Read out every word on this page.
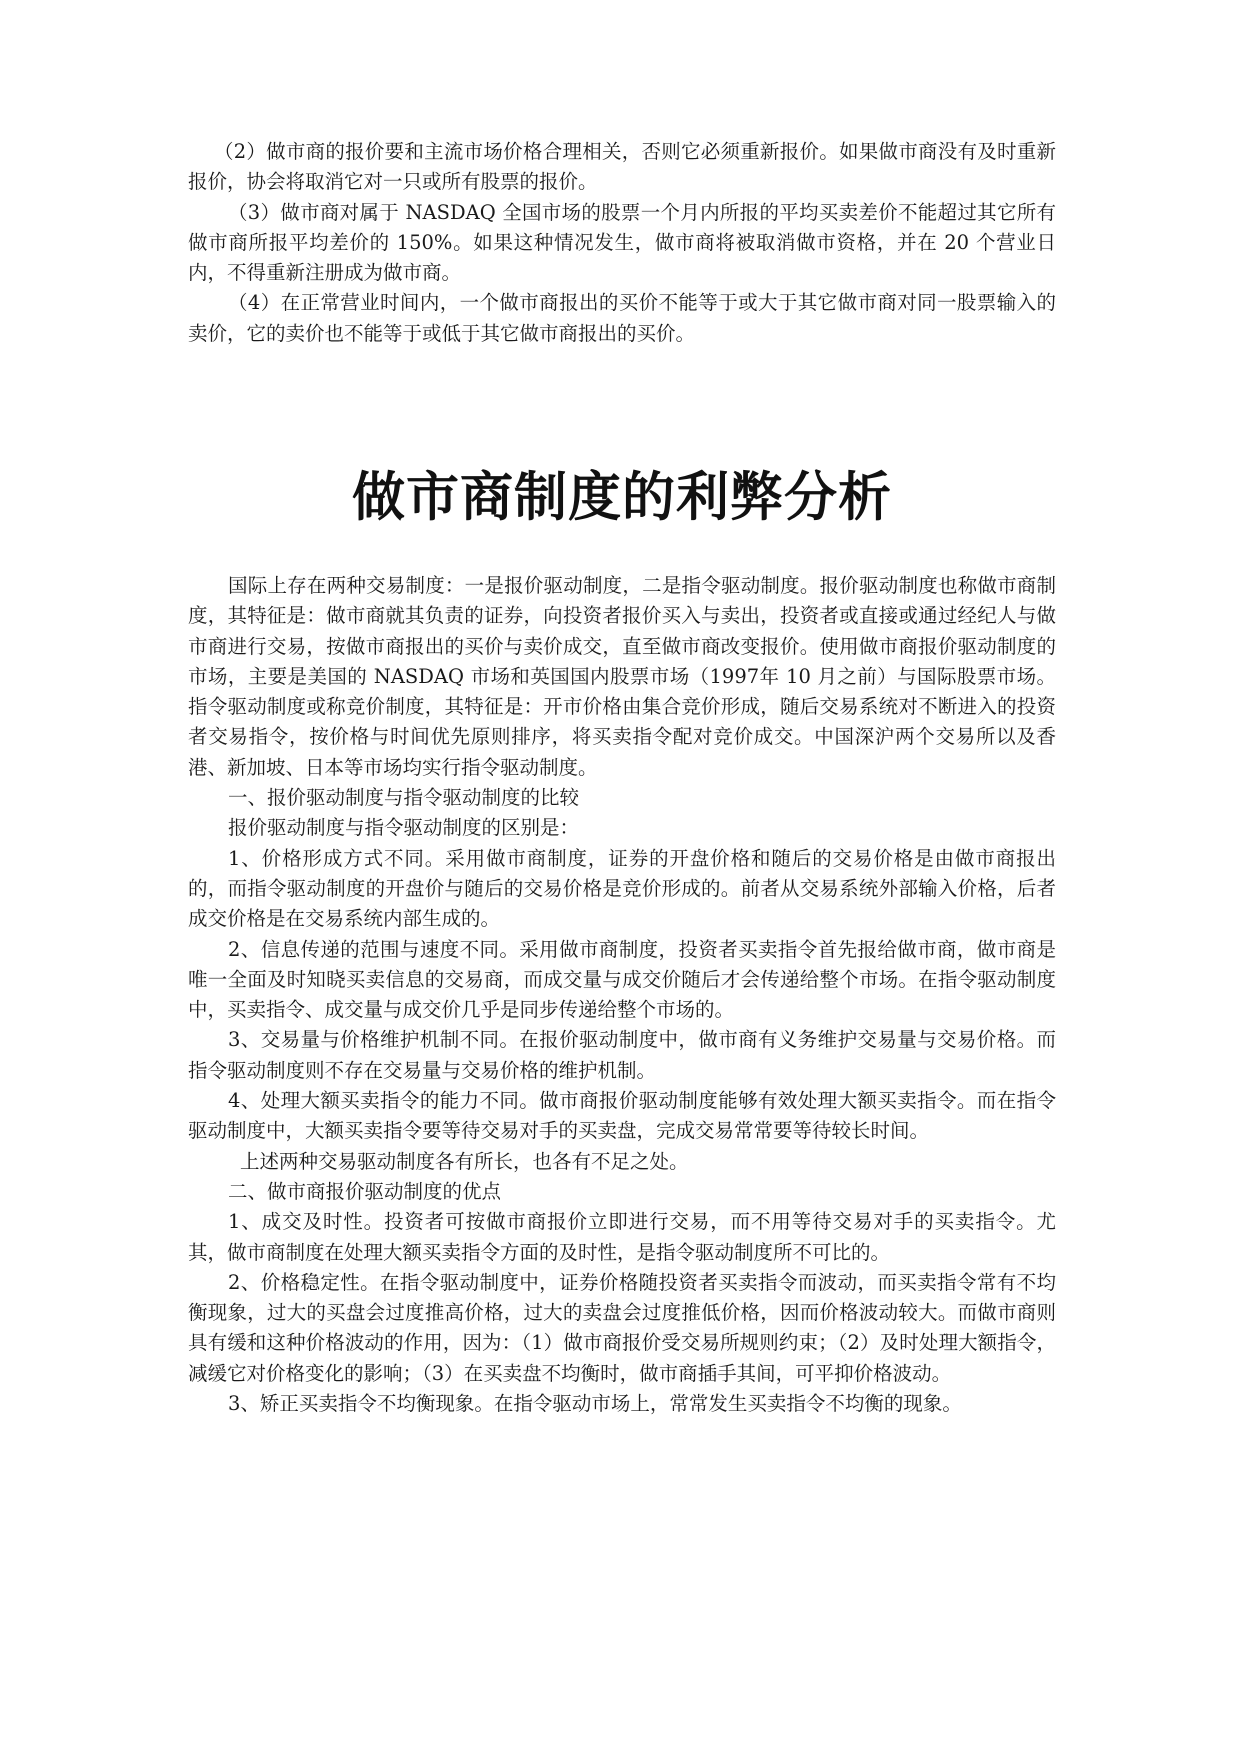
（2）做市商的报价要和主流市场价格合理相关，否则它必须重新报价。如果做市商没有及时重新报价，协会将取消它对一只或所有股票的报价。

（3）做市商对属于 NASDAQ 全国市场的股票一个月内所报的平均买卖差价不能超过其它所有做市商所报平均差价的 150%。如果这种情况发生，做市商将被取消做市资格，并在 20 个营业日内，不得重新注册成为做市商。

（4）在正常营业时间内，一个做市商报出的买价不能等于或大于其它做市商对同一股票输入的卖价，它的卖价也不能等于或低于其它做市商报出的买价。

做市商制度的利弊分析

国际上存在两种交易制度：一是报价驱动制度，二是指令驱动制度。报价驱动制度也称做市商制度，其特征是：做市商就其负责的证券，向投资者报价买入与卖出，投资者或直接或通过经纪人与做市商进行交易，按做市商报出的买价与卖价成交，直至做市商改变报价。使用做市商报价驱动制度的市场，主要是美国的 NASDAQ 市场和英国国内股票市场（1997年 10 月之前）与国际股票市场。指令驱动制度或称竞价制度，其特征是：开市价格由集合竞价形成，随后交易系统对不断进入的投资者交易指令，按价格与时间优先原则排序，将买卖指令配对竞价成交。中国深沪两个交易所以及香港、新加坡、日本等市场均实行指令驱动制度。

一、报价驱动制度与指令驱动制度的比较

报价驱动制度与指令驱动制度的区别是：

1、价格形成方式不同。采用做市商制度，证券的开盘价格和随后的交易价格是由做市商报出的，而指令驱动制度的开盘价与随后的交易价格是竞价形成的。前者从交易系统外部输入价格，后者成交价格是在交易系统内部生成的。

2、信息传递的范围与速度不同。采用做市商制度，投资者买卖指令首先报给做市商，做市商是唯一全面及时知晓买卖信息的交易商，而成交量与成交价随后才会传递给整个市场。在指令驱动制度中，买卖指令、成交量与成交价几乎是同步传递给整个市场的。

3、交易量与价格维护机制不同。在报价驱动制度中，做市商有义务维护交易量与交易价格。而指令驱动制度则不存在交易量与交易价格的维护机制。

4、处理大额买卖指令的能力不同。做市商报价驱动制度能够有效处理大额买卖指令。而在指令驱动制度中，大额买卖指令要等待交易对手的买卖盘，完成交易常常要等待较长时间。

上述两种交易驱动制度各有所长，也各有不足之处。

二、做市商报价驱动制度的优点

1、成交及时性。投资者可按做市商报价立即进行交易，而不用等待交易对手的买卖指令。尤其，做市商制度在处理大额买卖指令方面的及时性，是指令驱动制度所不可比的。

2、价格稳定性。在指令驱动制度中，证券价格随投资者买卖指令而波动，而买卖指令常有不均衡现象，过大的买盘会过度推高价格，过大的卖盘会过度推低价格，因而价格波动较大。而做市商则具有缓和这种价格波动的作用，因为：（1）做市商报价受交易所规则约束；（2）及时处理大额指令，减缓它对价格变化的影响；（3）在买卖盘不均衡时，做市商插手其间，可平抑价格波动。

3、矫正买卖指令不均衡现象。在指令驱动市场上，常常发生买卖指令不均衡的现象。
